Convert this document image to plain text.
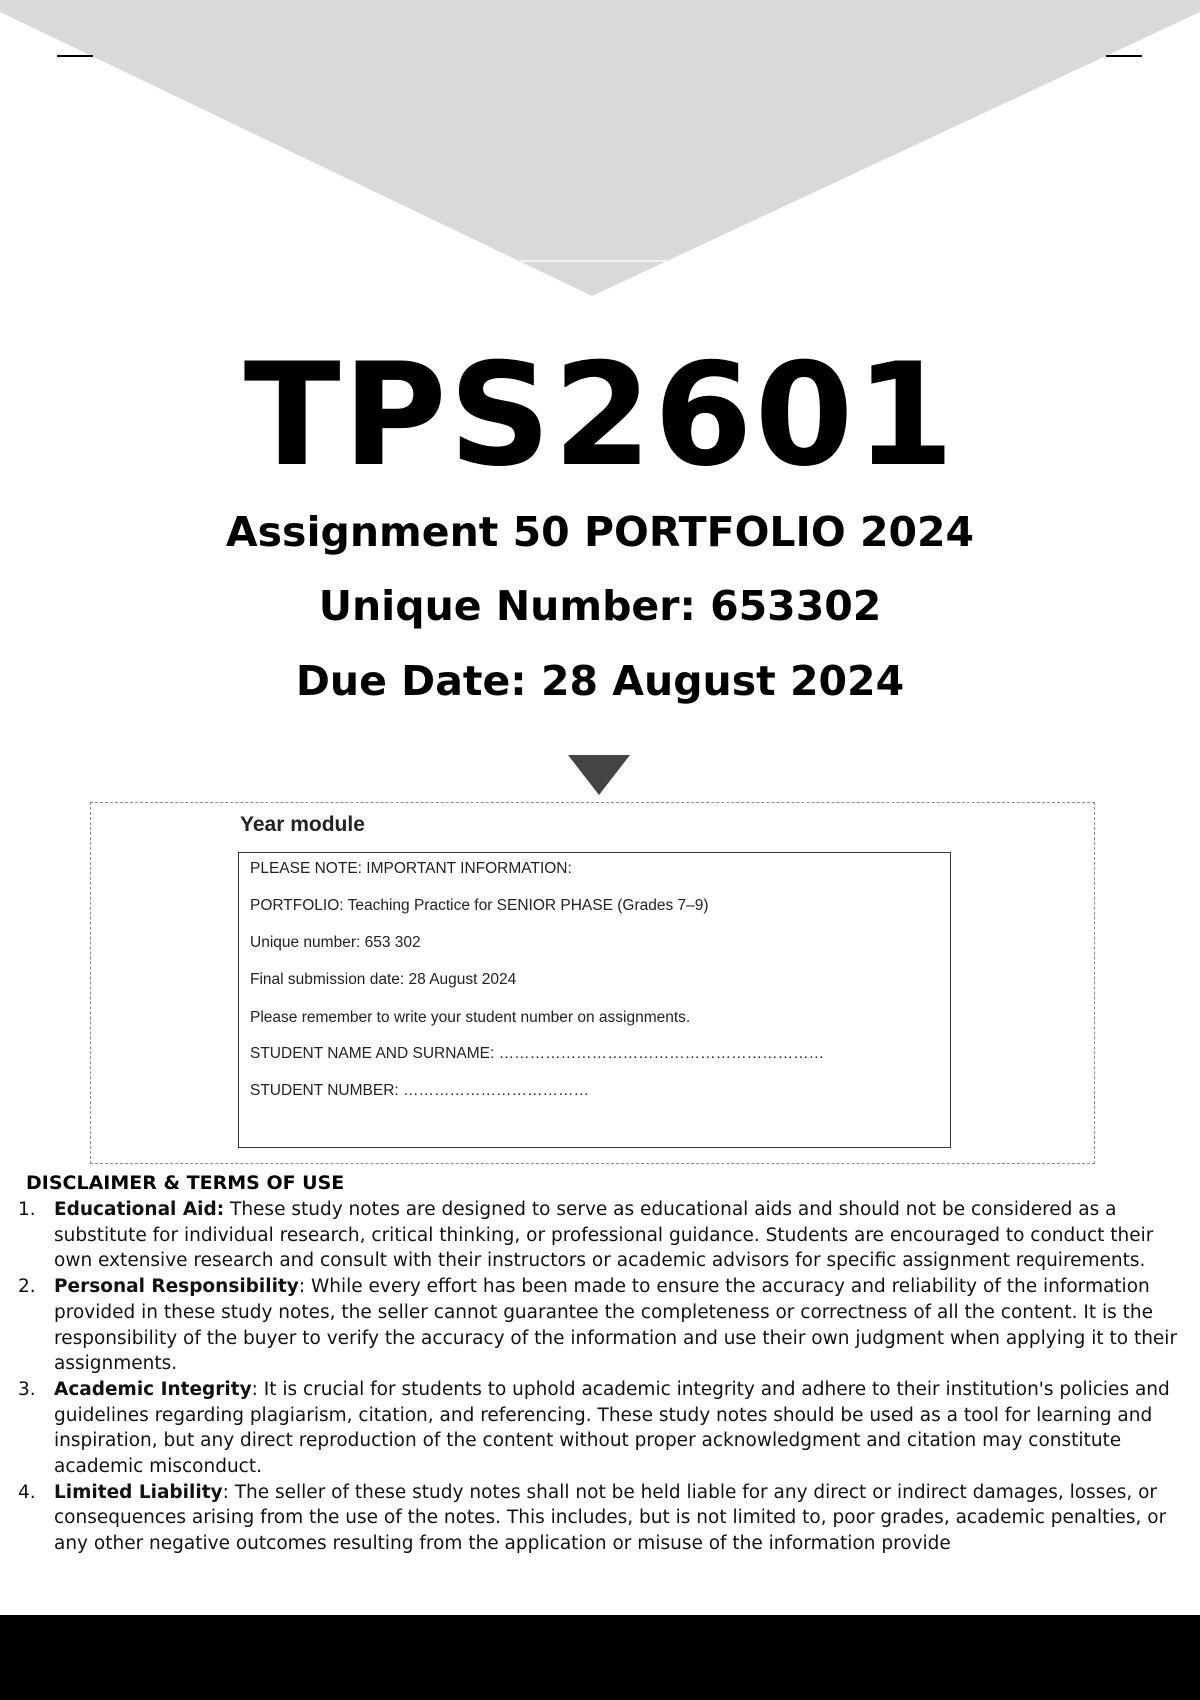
TPS2601
Assignment 50 PORTFOLIO 2024
Unique Number: 653302
Due Date: 28 August 2024
Year module
PLEASE NOTE: IMPORTANT INFORMATION:
PORTFOLIO: Teaching Practice for SENIOR PHASE (Grades 7–9)
Unique number: 653 302
Final submission date: 28 August 2024
Please remember to write your student number on assignments.
STUDENT NAME AND SURNAME: ………………………………………………………
STUDENT NUMBER: ………………………………
DISCLAIMER & TERMS OF USE
1. Educational Aid: These study notes are designed to serve as educational aids and should not be considered as a substitute for individual research, critical thinking, or professional guidance. Students are encouraged to conduct their own extensive research and consult with their instructors or academic advisors for specific assignment requirements.
2. Personal Responsibility: While every effort has been made to ensure the accuracy and reliability of the information provided in these study notes, the seller cannot guarantee the completeness or correctness of all the content. It is the responsibility of the buyer to verify the accuracy of the information and use their own judgment when applying it to their assignments.
3. Academic Integrity: It is crucial for students to uphold academic integrity and adhere to their institution's policies and guidelines regarding plagiarism, citation, and referencing. These study notes should be used as a tool for learning and inspiration, but any direct reproduction of the content without proper acknowledgment and citation may constitute academic misconduct.
4. Limited Liability: The seller of these study notes shall not be held liable for any direct or indirect damages, losses, or consequences arising from the use of the notes. This includes, but is not limited to, poor grades, academic penalties, or any other negative outcomes resulting from the application or misuse of the information provide
